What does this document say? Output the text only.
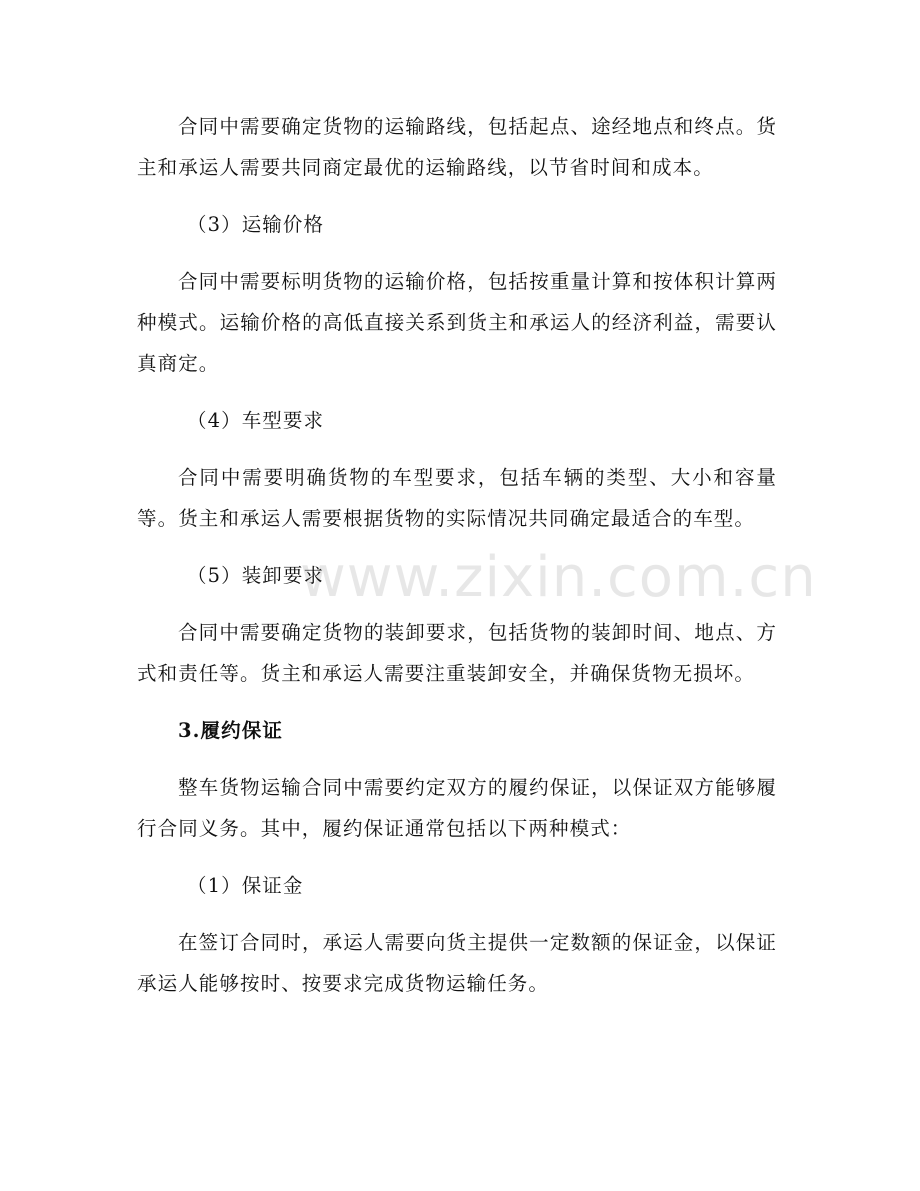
合同中需要确定货物的运输路线，包括起点、途经地点和终点。货主和承运人需要共同商定最优的运输路线，以节省时间和成本。

（3）运输价格

合同中需要标明货物的运输价格，包括按重量计算和按体积计算两种模式。运输价格的高低直接关系到货主和承运人的经济利益，需要认真商定。

（4）车型要求

合同中需要明确货物的车型要求，包括车辆的类型、大小和容量等。货主和承运人需要根据货物的实际情况共同确定最适合的车型。

（5）装卸要求

合同中需要确定货物的装卸要求，包括货物的装卸时间、地点、方式和责任等。货主和承运人需要注重装卸安全，并确保货物无损坏。

3.履约保证

整车货物运输合同中需要约定双方的履约保证，以保证双方能够履行合同义务。其中，履约保证通常包括以下两种模式：

（1）保证金

在签订合同时，承运人需要向货主提供一定数额的保证金，以保证承运人能够按时、按要求完成货物运输任务。

www.zixin.com.cn
